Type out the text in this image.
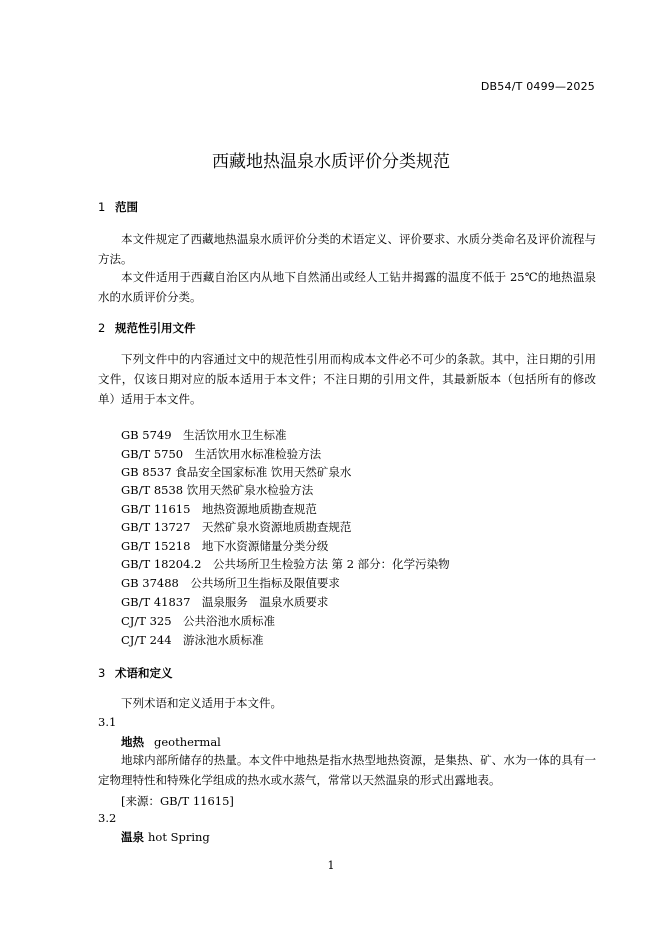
DB54/T 0499—2025
西藏地热温泉水质评价分类规范
1 范围
本文件规定了西藏地热温泉水质评价分类的术语定义、评价要求、水质分类命名及评价流程与方法。
本文件适用于西藏自治区内从地下自然涌出或经人工钻井揭露的温度不低于 25℃的地热温泉水的水质评价分类。
2 规范性引用文件
下列文件中的内容通过文中的规范性引用而构成本文件必不可少的条款。其中，注日期的引用文件，仅该日期对应的版本适用于本文件；不注日期的引用文件，其最新版本（包括所有的修改单）适用于本文件。
GB 5749　生活饮用水卫生标准
GB/T 5750　生活饮用水标准检验方法
GB 8537 食品安全国家标准 饮用天然矿泉水
GB/T 8538 饮用天然矿泉水检验方法
GB/T 11615　地热资源地质勘查规范
GB/T 13727　天然矿泉水资源地质勘查规范
GB/T 15218　地下水资源储量分类分级
GB/T 18204.2　公共场所卫生检验方法 第 2 部分：化学污染物
GB 37488　公共场所卫生指标及限值要求
GB/T 41837　温泉服务　温泉水质要求
CJ/T 325　公共浴池水质标准
CJ/T 244　游泳池水质标准
3 术语和定义
下列术语和定义适用于本文件。
3.1
地热 geothermal
地球内部所储存的热量。本文件中地热是指水热型地热资源，是集热、矿、水为一体的具有一定物理特性和特殊化学组成的热水或水蒸气，常常以天然温泉的形式出露地表。
[来源：GB/T 11615]
3.2
温泉 hot Spring
1
